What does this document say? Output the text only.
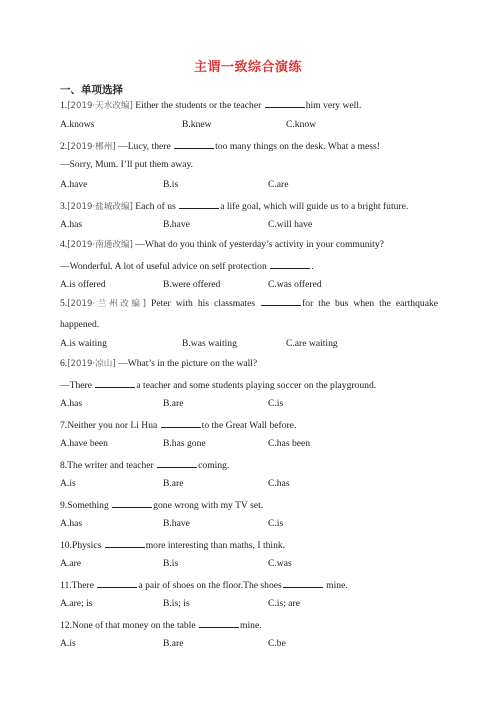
主谓一致综合演练
一、单项选择
1.[2019·天水改编] Either the students or the teacher	him very well.
A.knows	B.knew	C.know
2.[2019·郴州] —Lucy, there	too many things on the desk. What a mess!
—Sorry, Mum. I’ll put them away.
A.have	B.is	C.are
3.[2019·盐城改编] Each of us	a life goal, which will guide us to a bright future.
A.has	B.have	C.will have
4.[2019·南通改编] —What do you think of yesterday’s activity in your community?
—Wonderful. A lot of useful advice on self protection	.
A.is offered	B.were offered	C.was offered
5.[2019·兰州改编] Peter with his classmates	for the bus when the earthquake happened.
A.is waiting	B.was waiting	C.are waiting
6.[2019·凉山] —What’s in the picture on the wall?
—There	a teacher and some students playing soccer on the playground.
A.has	B.are	C.is
7.Neither you nor Li Hua	to the Great Wall before.
A.have been	B.has gone	C.has been
8.The writer and teacher	coming.
A.is	B.are	C.has
9.Something	gone wrong with my TV set.
A.has	B.have	C.is
10.Physics	more interesting than maths, I think.
A.are	B.is	C.was
11.There	a pair of shoes on the floor.The shoes	mine.
A.are; is	B.is; is	C.is; are
12.None of that money on the table	mine.
A.is	B.are	C.be
